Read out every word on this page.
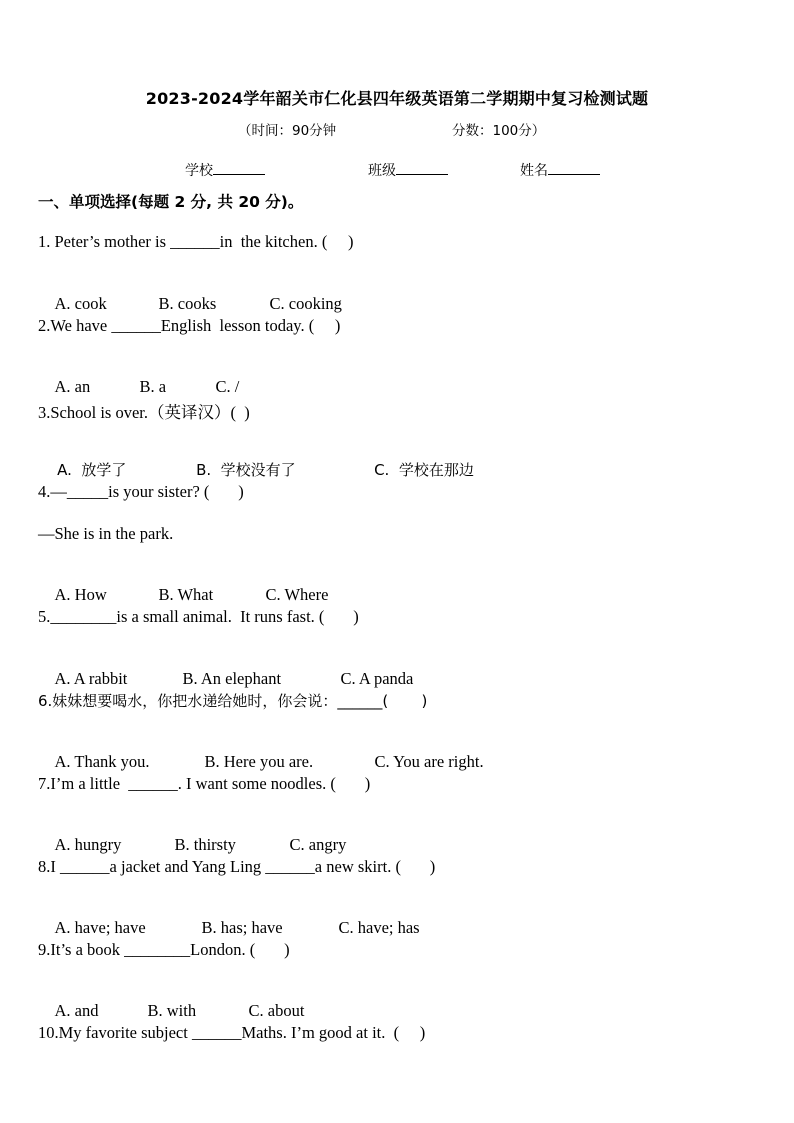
2023-2024学年韶关市仁化县四年级英语第二学期期中复习检测试题
（时间：90分钟	分数：100分）
学校	班级	姓名
一、单项选择(每题 2 分, 共 20 分)。
1. Peter’s mother is ______in  the kitchen. (     )

A. cook	B. cooks	C. cooking

2.We have ______English  lesson today. (     )

A. an	B. a	C. /

3.School is over.（英译汉）(  )

A.  放学了	B.  学校没有了	C.  学校在那边

4.—_____is your sister? (       )
—She is in the park.

A. How	B. What	C. Where

5.________is a small animal.  It runs fast. (       )

A. A rabbit	B. An elephant	C. A panda

6.妹妹想要喝水，你把水递给她时，你会说：______(       )

A. Thank you.	B. Here you are.	C. You are right.

7.I’m a little  ______. I want some noodles. (       )

A. hungry	B. thirsty	C. angry

8.I ______a jacket and Yang Ling ______a new skirt. (       )

A. have; have	B. has; have	C. have; has

9.It’s a book ________London. (       )

A. and	B. with	C. about

10.My favorite subject ______Maths. I’m good at it.  (     )
